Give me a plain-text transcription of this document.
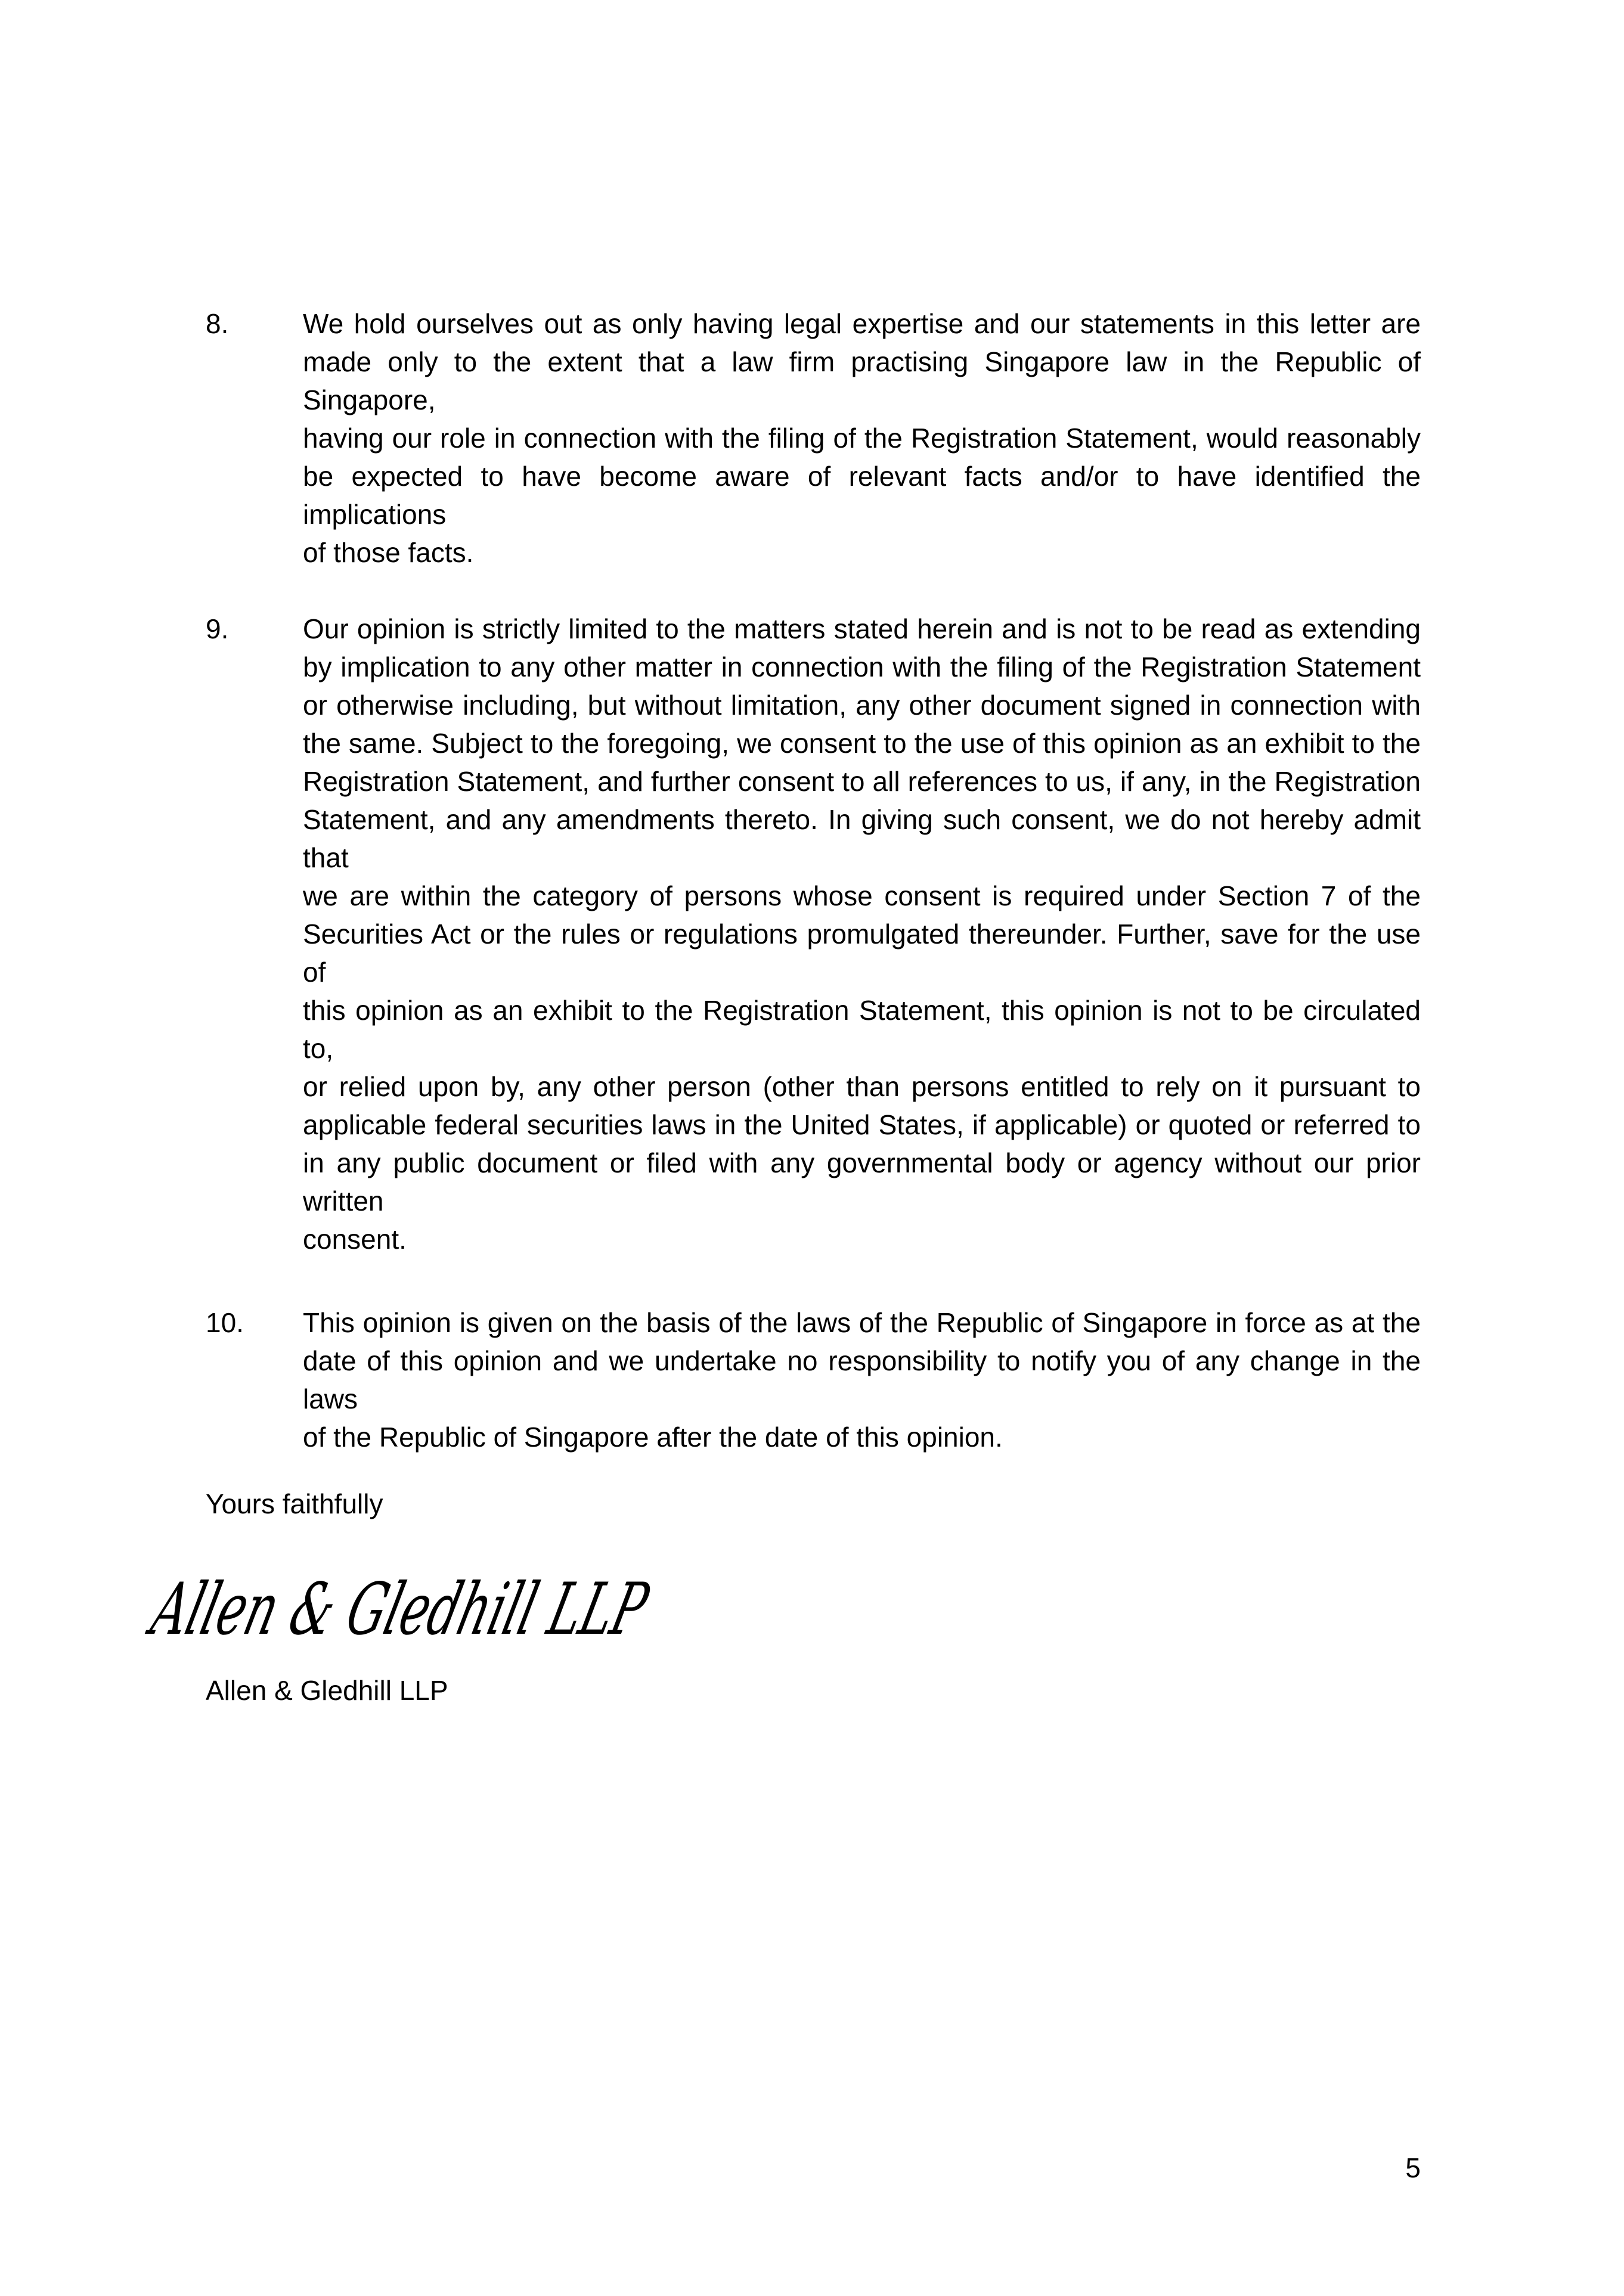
8.	We hold ourselves out as only having legal expertise and our statements in this letter are
made only to the extent that a law firm practising Singapore law in the Republic of Singapore,
having our role in connection with the filing of the Registration Statement, would reasonably
be expected to have become aware of relevant facts and/or to have identified the implications
of those facts.
9.	Our opinion is strictly limited to the matters stated herein and is not to be read as extending
by implication to any other matter in connection with the filing of the Registration Statement
or otherwise including, but without limitation, any other document signed in connection with
the same. Subject to the foregoing, we consent to the use of this opinion as an exhibit to the
Registration Statement, and further consent to all references to us, if any, in the Registration
Statement, and any amendments thereto. In giving such consent, we do not hereby admit that
we are within the category of persons whose consent is required under Section 7 of the
Securities Act or the rules or regulations promulgated thereunder. Further, save for the use of
this opinion as an exhibit to the Registration Statement, this opinion is not to be circulated to,
or relied upon by, any other person (other than persons entitled to rely on it pursuant to
applicable federal securities laws in the United States, if applicable) or quoted or referred to
in any public document or filed with any governmental body or agency without our prior written
consent.
10.	This opinion is given on the basis of the laws of the Republic of Singapore in force as at the
date of this opinion and we undertake no responsibility to notify you of any change in the laws
of the Republic of Singapore after the date of this opinion.
Yours faithfully
Allen & Gledhill LLP
Allen & Gledhill LLP
5
